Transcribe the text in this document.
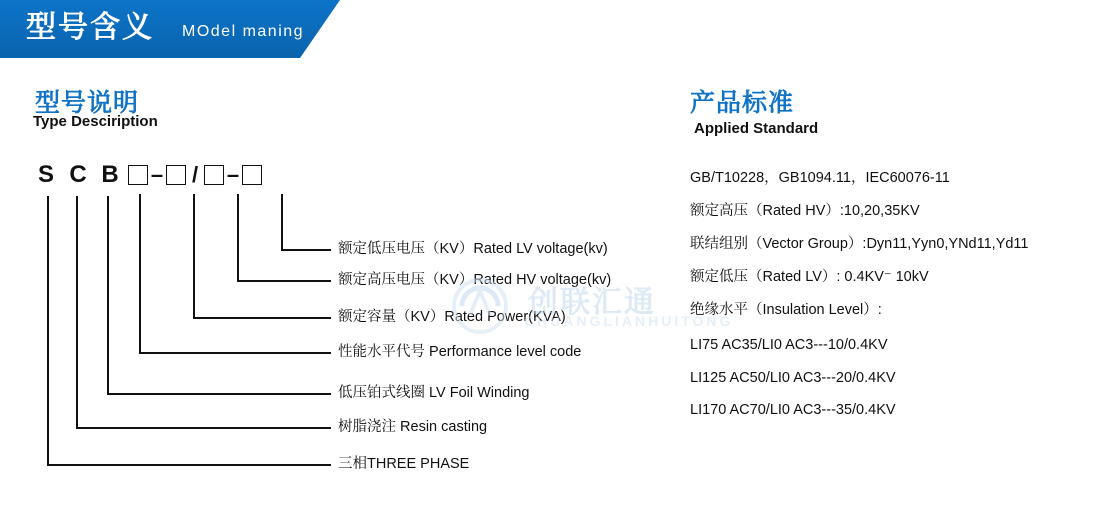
型号含义 MOdel maning
型号说明
Type Desciription
产品标准
Applied Standard
S C B	– / –
额定低压电压（KV）Rated LV voltage(kv)
额定高压电压（KV）Rated HV voltage(kv)
额定容量（KV）Rated Power(KVA)
性能水平代号 Performance level code
低压铂式线圈 LV Foil Winding
树脂浇注 Resin casting
三相THREE PHASE
GB/T10228，GB1094.11，IEC60076-11
额定高压（Rated HV）:10,20,35KV
联结组别（Vector Group）:Dyn11,Yyn0,YNd11,Yd11
额定低压（Rated LV）: 0.4KV⁻ 10kV
绝缘水平（Insulation Level）:
LI75 AC35/LI0 AC3---10/0.4KV
LI125 AC50/LI0 AC3---20/0.4KV
LI170 AC70/LI0 AC3---35/0.4KV
创联汇通
CHUANGLIANHUITONG
